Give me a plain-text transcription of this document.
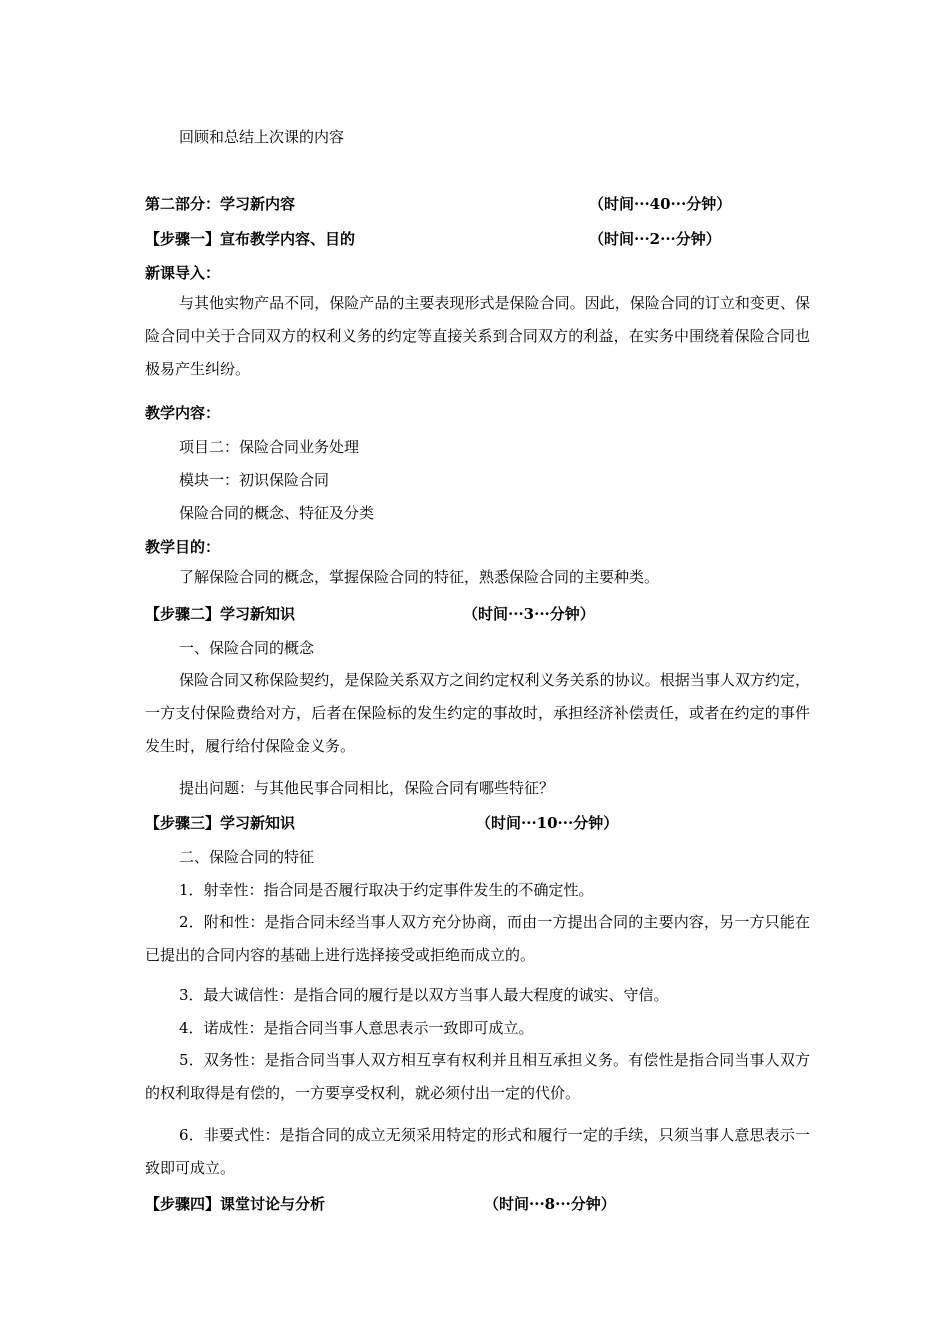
回顾和总结上次课的内容
第二部分：学习新内容	（时间···40···分钟）
【步骤一】宣布教学内容、目的	（时间···2···分钟）
新课导入：
与其他实物产品不同，保险产品的主要表现形式是保险合同。因此，保险合同的订立和变更、保险合同中关于合同双方的权利义务的约定等直接关系到合同双方的利益，在实务中围绕着保险合同也极易产生纠纷。
教学内容：
项目二：保险合同业务处理
模块一：初识保险合同
保险合同的概念、特征及分类
教学目的：
了解保险合同的概念，掌握保险合同的特征，熟悉保险合同的主要种类。
【步骤二】学习新知识	（时间···3···分钟）
一、保险合同的概念
保险合同又称保险契约，是保险关系双方之间约定权利义务关系的协议。根据当事人双方约定，一方支付保险费给对方，后者在保险标的发生约定的事故时，承担经济补偿责任，或者在约定的事件发生时，履行给付保险金义务。
提出问题：与其他民事合同相比，保险合同有哪些特征？
【步骤三】学习新知识	（时间···10···分钟）
二、保险合同的特征
1．射幸性：指合同是否履行取决于约定事件发生的不确定性。
2．附和性：是指合同未经当事人双方充分协商，而由一方提出合同的主要内容，另一方只能在已提出的合同内容的基础上进行选择接受或拒绝而成立的。
3．最大诚信性：是指合同的履行是以双方当事人最大程度的诚实、守信。
4．诺成性：是指合同当事人意思表示一致即可成立。
5．双务性：是指合同当事人双方相互享有权利并且相互承担义务。有偿性是指合同当事人双方的权利取得是有偿的，一方要享受权利，就必须付出一定的代价。
6．非要式性：是指合同的成立无须采用特定的形式和履行一定的手续，只须当事人意思表示一致即可成立。
【步骤四】课堂讨论与分析	（时间···8···分钟）
